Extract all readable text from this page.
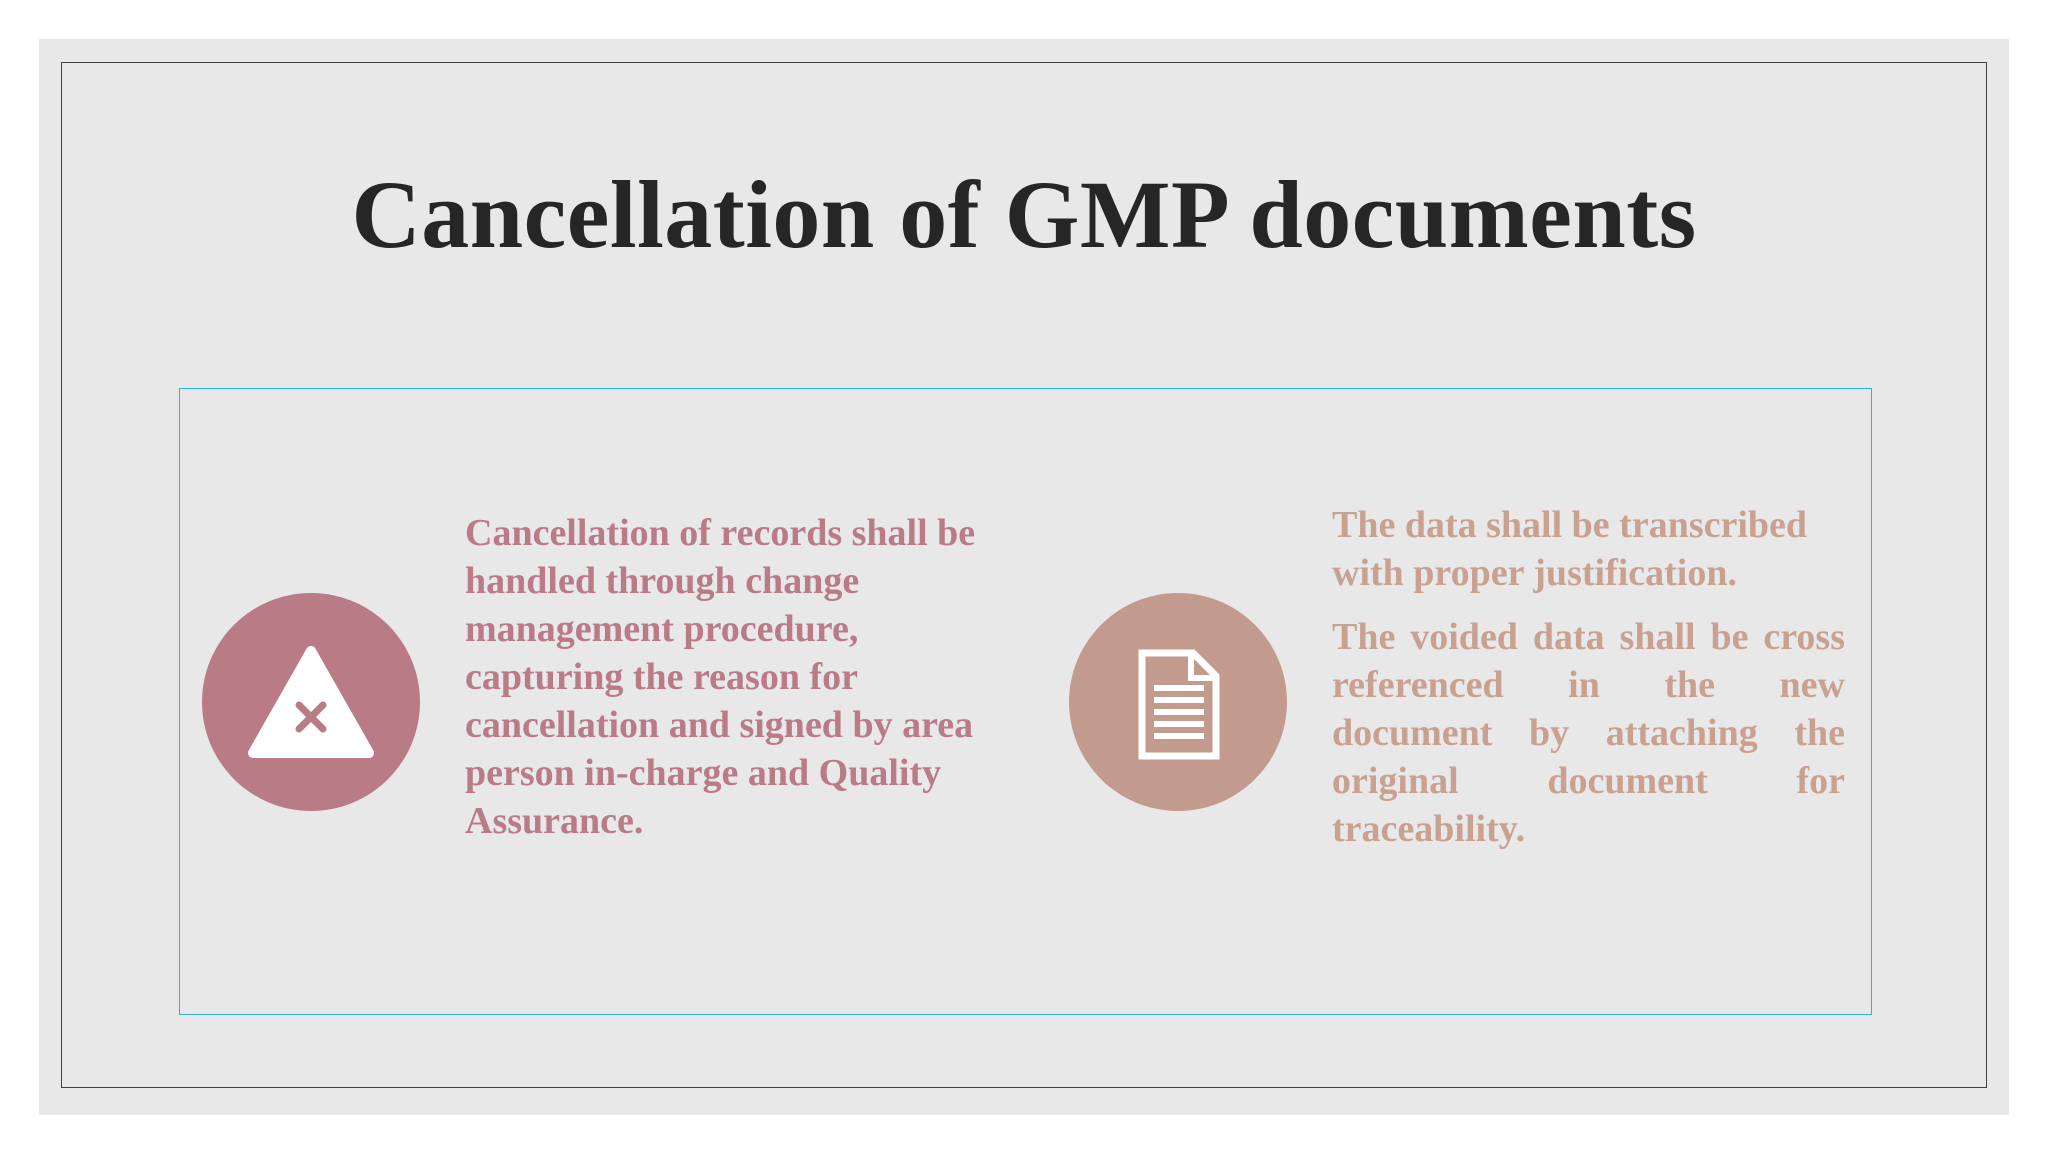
Cancellation of GMP documents
Cancellation of records shall be handled through change management procedure, capturing the reason for cancellation and signed by area person in-charge and Quality Assurance.

The data shall be transcribed with proper justification.

The voided data shall be cross referenced in the new document by attaching the original document for traceability.
